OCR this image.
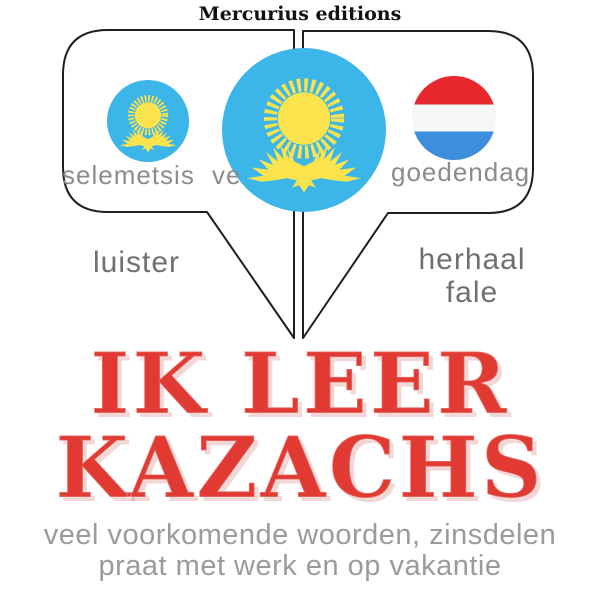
Mercurius editions
selemetsis ve	goedendag
luister	herhaal
fale
IK LEER
KAZACHS
veel voorkomende woorden, zinsdelen
praat met werk en op vakantie
